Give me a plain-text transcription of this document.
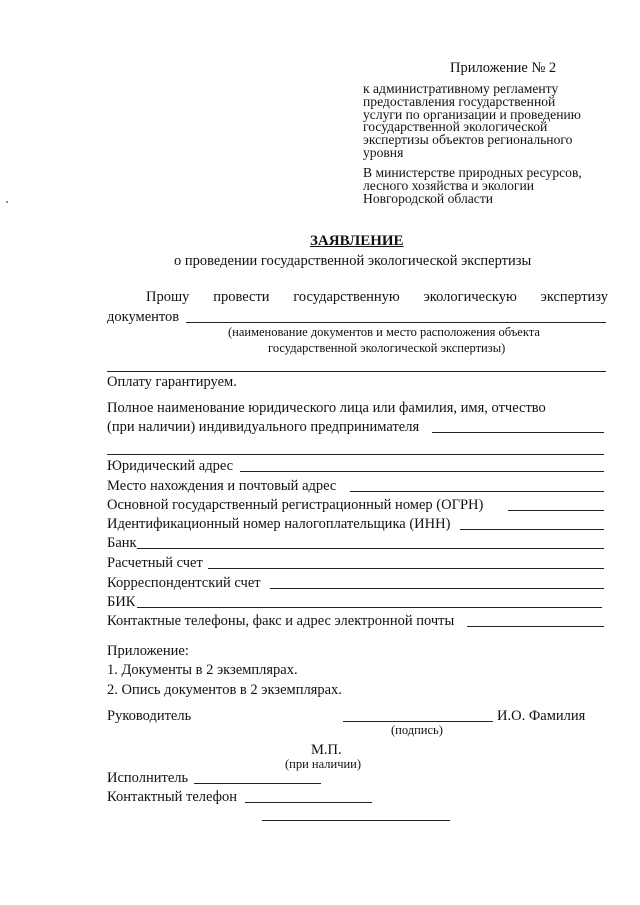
Приложение № 2
к административному регламенту
предоставления государственной
услуги по организации и проведению
государственной экологической
экспертизы объектов регионального
уровня
В министерстве природных ресурсов,
лесного хозяйства и экологии
Новгородской области
ЗАЯВЛЕНИЕ
о проведении государственной экологической экспертизы
Прошу провести государственную экологическую экспертизу
документов
(наименование документов и место расположения объекта
государственной экологической экспертизы)
Оплату гарантируем.
Полное наименование юридического лица или фамилия, имя, отчество
(при наличии) индивидуального предпринимателя
Юридический адрес
Место нахождения и почтовый адрес
Основной государственный регистрационный номер (ОГРН)
Идентификационный номер налогоплательщика (ИНН)
Банк
Расчетный счет
Корреспондентский счет
БИК
Контактные телефоны, факс и адрес электронной почты
Приложение:
1. Документы в 2 экземплярах.
2. Опись документов в 2 экземплярах.
Руководитель	И.О. Фамилия
(подпись)
М.П.
(при наличии)
Исполнитель
Контактный телефон
